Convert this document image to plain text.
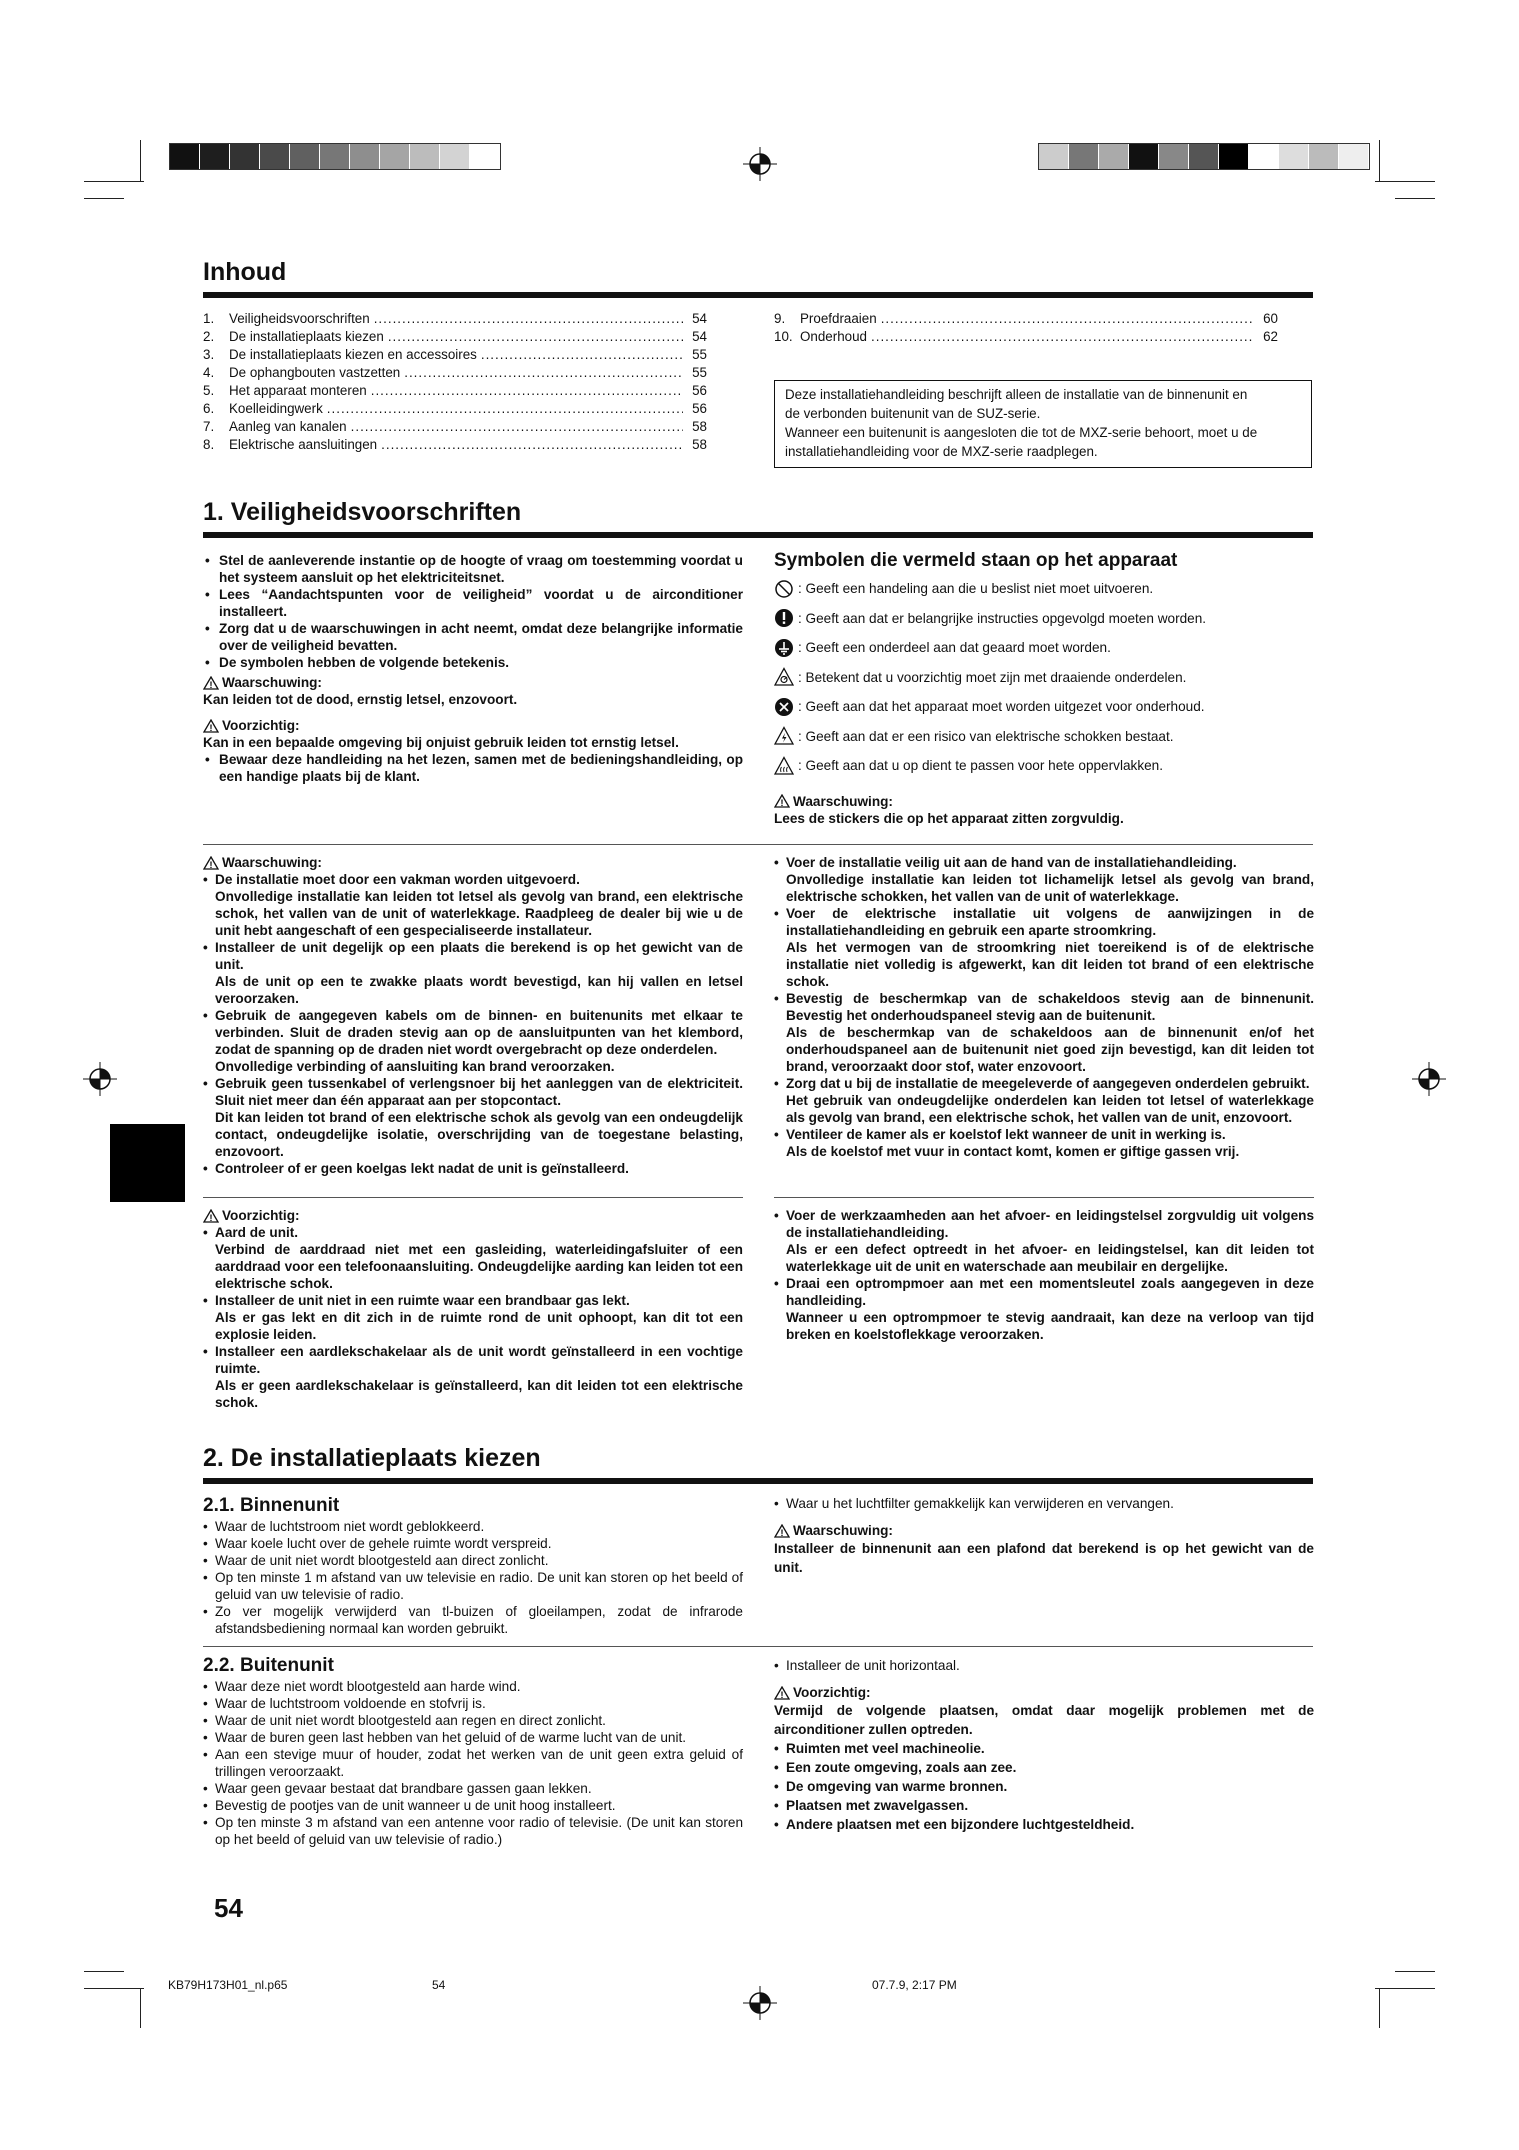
Inhoud
1.	Veiligheidsvoorschriften .....	54
2.	De installatieplaats kiezen .....	54
3.	De installatieplaats kiezen en accessoires .....	55
4.	De ophangbouten vastzetten .....	55
5.	Het apparaat monteren .....	56
6.	Koelleidingwerk .....	56
7.	Aanleg van kanalen .....	58
8.	Elektrische aansluitingen .....	58
9.	Proefdraaien .....	60
10. Onderhoud .....	62
Deze installatiehandleiding beschrijft alleen de installatie van de binnenunit en
de verbonden buitenunit van de SUZ-serie.
Wanneer een buitenunit is aangesloten die tot de MXZ-serie behoort, moet u de
installatiehandleiding voor de MXZ-serie raadplegen.
1. Veiligheidsvoorschriften
• Stel de aanleverende instantie op de hoogte of vraag om toestemming voordat u het systeem aansluit op het elektriciteitsnet.
• Lees “Aandachtspunten voor de veiligheid” voordat u de airconditioner installeert.
• Zorg dat u de waarschuwingen in acht neemt, omdat deze belangrijke informatie over de veiligheid bevatten.
• De symbolen hebben de volgende betekenis.
! Waarschuwing:

Kan leiden tot de dood, ernstig letsel, enzovoort.

! Voorzichtig:

Kan in een bepaalde omgeving bij onjuist gebruik leiden tot ernstig letsel.

• Bewaar deze handleiding na het lezen, samen met de bedieningshandleiding, op een handige plaats bij de klant.
Symbolen die vermeld staan op het apparaat
: Geeft een handeling aan die u beslist niet moet uitvoeren.
: Geeft aan dat er belangrijke instructies opgevolgd moeten worden.
: Geeft een onderdeel aan dat geaard moet worden.
: Betekent dat u voorzichtig moet zijn met draaiende onderdelen.
: Geeft aan dat het apparaat moet worden uitgezet voor onderhoud.
: Geeft aan dat er een risico van elektrische schokken bestaat.
: Geeft aan dat u op dient te passen voor hete oppervlakken.
! Waarschuwing:

Lees de stickers die op het apparaat zitten zorgvuldig.

! Waarschuwing:
• De installatie moet door een vakman worden uitgevoerd.
Onvolledige installatie kan leiden tot letsel als gevolg van brand, een elektrische schok, het vallen van de unit of waterlekkage. Raadpleeg de dealer bij wie u de unit hebt aangeschaft of een gespecialiseerde installateur.
• Installeer de unit degelijk op een plaats die berekend is op het gewicht van de unit.
Als de unit op een te zwakke plaats wordt bevestigd, kan hij vallen en letsel veroorzaken.
• Gebruik de aangegeven kabels om de binnen- en buitenunits met elkaar te verbinden. Sluit de draden stevig aan op de aansluitpunten van het klembord, zodat de spanning op de draden niet wordt overgebracht op deze onderdelen.
Onvolledige verbinding of aansluiting kan brand veroorzaken.
• Gebruik geen tussenkabel of verlengsnoer bij het aanleggen van de elektriciteit. Sluit niet meer dan één apparaat aan per stopcontact.
Dit kan leiden tot brand of een elektrische schok als gevolg van een ondeugdelijk contact, ondeugdelijke isolatie, overschrijding van de toegestane belasting, enzovoort.
• Controleer of er geen koelgas lekt nadat de unit is geïnstalleerd.
• Voer de installatie veilig uit aan de hand van de installatiehandleiding.
Onvolledige installatie kan leiden tot lichamelijk letsel als gevolg van brand, elektrische schokken, het vallen van de unit of waterlekkage.
• Voer de elektrische installatie uit volgens de aanwijzingen in de installatiehandleiding en gebruik een aparte stroomkring.
Als het vermogen van de stroomkring niet toereikend is of de elektrische installatie niet volledig is afgewerkt, kan dit leiden tot brand of een elektrische schok.
• Bevestig de beschermkap van de schakeldoos stevig aan de binnenunit. Bevestig het onderhoudspaneel stevig aan de buitenunit.
Als de beschermkap van de schakeldoos aan de binnenunit en/of het onderhoudspaneel aan de buitenunit niet goed zijn bevestigd, kan dit leiden tot brand, veroorzaakt door stof, water enzovoort.
• Zorg dat u bij de installatie de meegeleverde of aangegeven onderdelen gebruikt.
Het gebruik van ondeugdelijke onderdelen kan leiden tot letsel of waterlekkage als gevolg van brand, een elektrische schok, het vallen van de unit, enzovoort.
• Ventileer de kamer als er koelstof lekt wanneer de unit in werking is.
Als de koelstof met vuur in contact komt, komen er giftige gassen vrij.
! Voorzichtig:
• Aard de unit.
Verbind de aarddraad niet met een gasleiding, waterleidingafsluiter of een aarddraad voor een telefoonaansluiting. Ondeugdelijke aarding kan leiden tot een elektrische schok.
• Installeer de unit niet in een ruimte waar een brandbaar gas lekt.
Als er gas lekt en dit zich in de ruimte rond de unit ophoopt, kan dit tot een explosie leiden.
• Installeer een aardlekschakelaar als de unit wordt geïnstalleerd in een vochtige ruimte.
Als er geen aardlekschakelaar is geïnstalleerd, kan dit leiden tot een elektrische schok.
• Voer de werkzaamheden aan het afvoer- en leidingstelsel zorgvuldig uit volgens de installatiehandleiding.
Als er een defect optreedt in het afvoer- en leidingstelsel, kan dit leiden tot waterlekkage uit de unit en waterschade aan meubilair en dergelijke.
• Draai een optrompmoer aan met een momentsleutel zoals aangegeven in deze handleiding.
Wanneer u een optrompmoer te stevig aandraait, kan deze na verloop van tijd breken en koelstoflekkage veroorzaken.
2. De installatieplaats kiezen
2.1. Binnenunit
• Waar de luchtstroom niet wordt geblokkeerd.
• Waar koele lucht over de gehele ruimte wordt verspreid.
• Waar de unit niet wordt blootgesteld aan direct zonlicht.
• Op ten minste 1 m afstand van uw televisie en radio. De unit kan storen op het beeld of geluid van uw televisie of radio.
• Zo ver mogelijk verwijderd van tl-buizen of gloeilampen, zodat de infrarode afstandsbediening normaal kan worden gebruikt.
• Waar u het luchtfilter gemakkelijk kan verwijderen en vervangen.
! Waarschuwing:

Installeer de binnenunit aan een plafond dat berekend is op het gewicht van de unit.

2.2. Buitenunit
• Waar deze niet wordt blootgesteld aan harde wind.
• Waar de luchtstroom voldoende en stofvrij is.
• Waar de unit niet wordt blootgesteld aan regen en direct zonlicht.
• Waar de buren geen last hebben van het geluid of de warme lucht van de unit.
• Aan een stevige muur of houder, zodat het werken van de unit geen extra geluid of trillingen veroorzaakt.
• Waar geen gevaar bestaat dat brandbare gassen gaan lekken.
• Bevestig de pootjes van de unit wanneer u de unit hoog installeert.
• Op ten minste 3 m afstand van een antenne voor radio of televisie. (De unit kan storen op het beeld of geluid van uw televisie of radio.)
• Installeer de unit horizontaal.
! Voorzichtig:

Vermijd de volgende plaatsen, omdat daar mogelijk problemen met de airconditioner zullen optreden.

• Ruimten met veel machineolie.
• Een zoute omgeving, zoals aan zee.
• De omgeving van warme bronnen.
• Plaatsen met zwavelgassen.
• Andere plaatsen met een bijzondere luchtgesteldheid.
54
KB79H173H01_nl.p65	54	07.7.9, 2:17 PM
